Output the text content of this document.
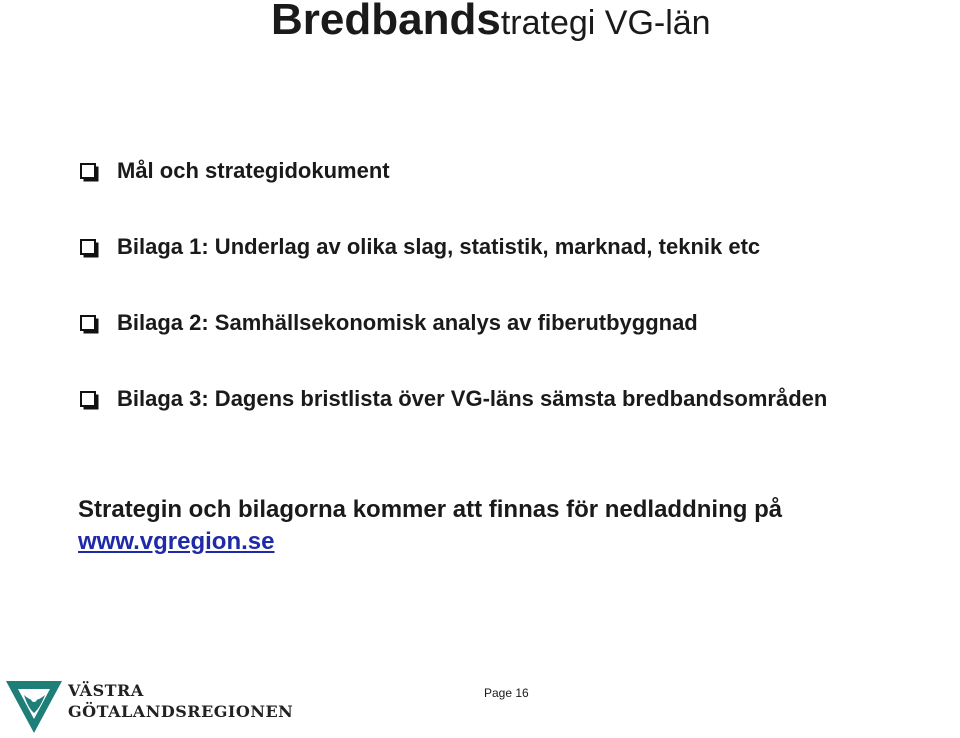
Bredbandstrategi VG-län
Mål och strategidokument
Bilaga 1: Underlag av olika slag, statistik, marknad, teknik etc
Bilaga 2: Samhällsekonomisk analys av fiberutbyggnad
Bilaga 3: Dagens bristlista över VG-läns sämsta bredbandsområden

Strategin och bilagorna kommer att finnas för nedladdning på
www.vgregion.se

VÄSTRA
GÖTALANDSREGIONEN
Page 16
